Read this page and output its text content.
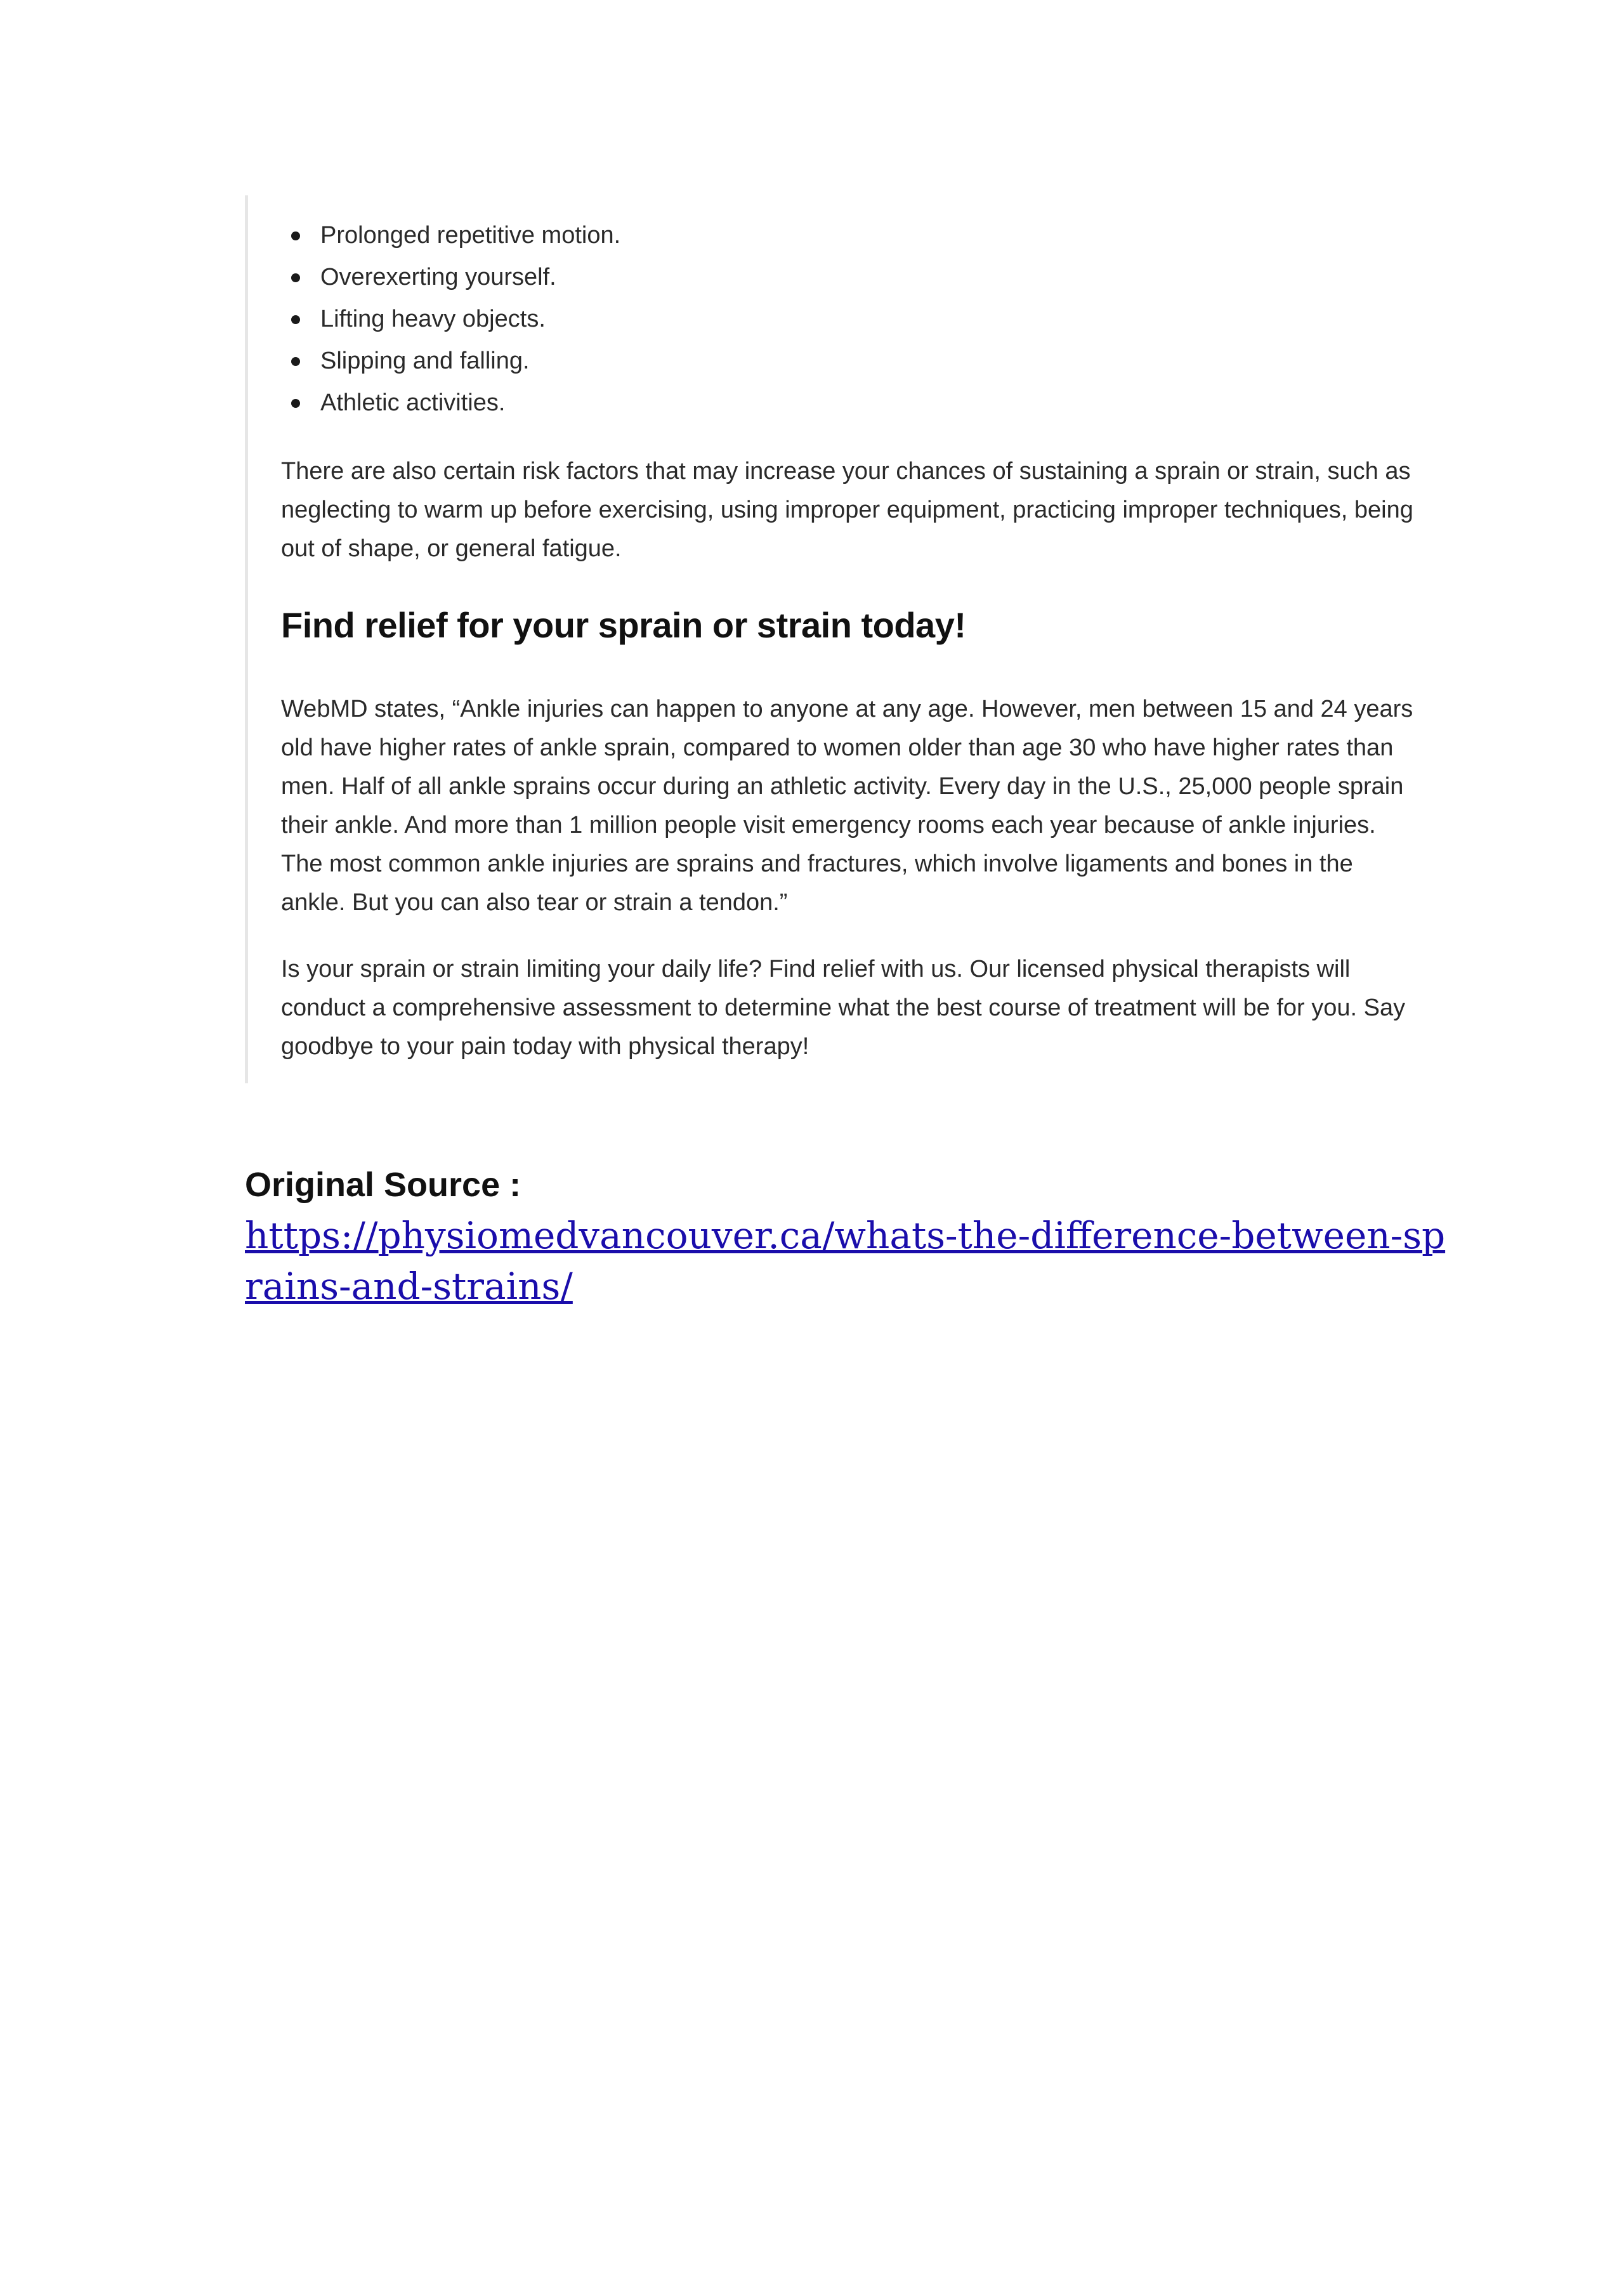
Prolonged repetitive motion.
Overexerting yourself.
Lifting heavy objects.
Slipping and falling.
Athletic activities.

There are also certain risk factors that may increase your chances of sustaining a sprain or strain, such as neglecting to warm up before exercising, using improper equipment, practicing improper techniques, being out of shape, or general fatigue.

Find relief for your sprain or strain today!

WebMD states, “Ankle injuries can happen to anyone at any age. However, men between 15 and 24 years old have higher rates of ankle sprain, compared to women older than age 30 who have higher rates than men. Half of all ankle sprains occur during an athletic activity. Every day in the U.S., 25,000 people sprain their ankle. And more than 1 million people visit emergency rooms each year because of ankle injuries. The most common ankle injuries are sprains and fractures, which involve ligaments and bones in the ankle. But you can also tear or strain a tendon.”

Is your sprain or strain limiting your daily life? Find relief with us. Our licensed physical therapists will conduct a comprehensive assessment to determine what the best course of treatment will be for you. Say goodbye to your pain today with physical therapy!

Original Source :
https://physiomedvancouver.ca/whats-the-difference-between-sprains-and-strains/
